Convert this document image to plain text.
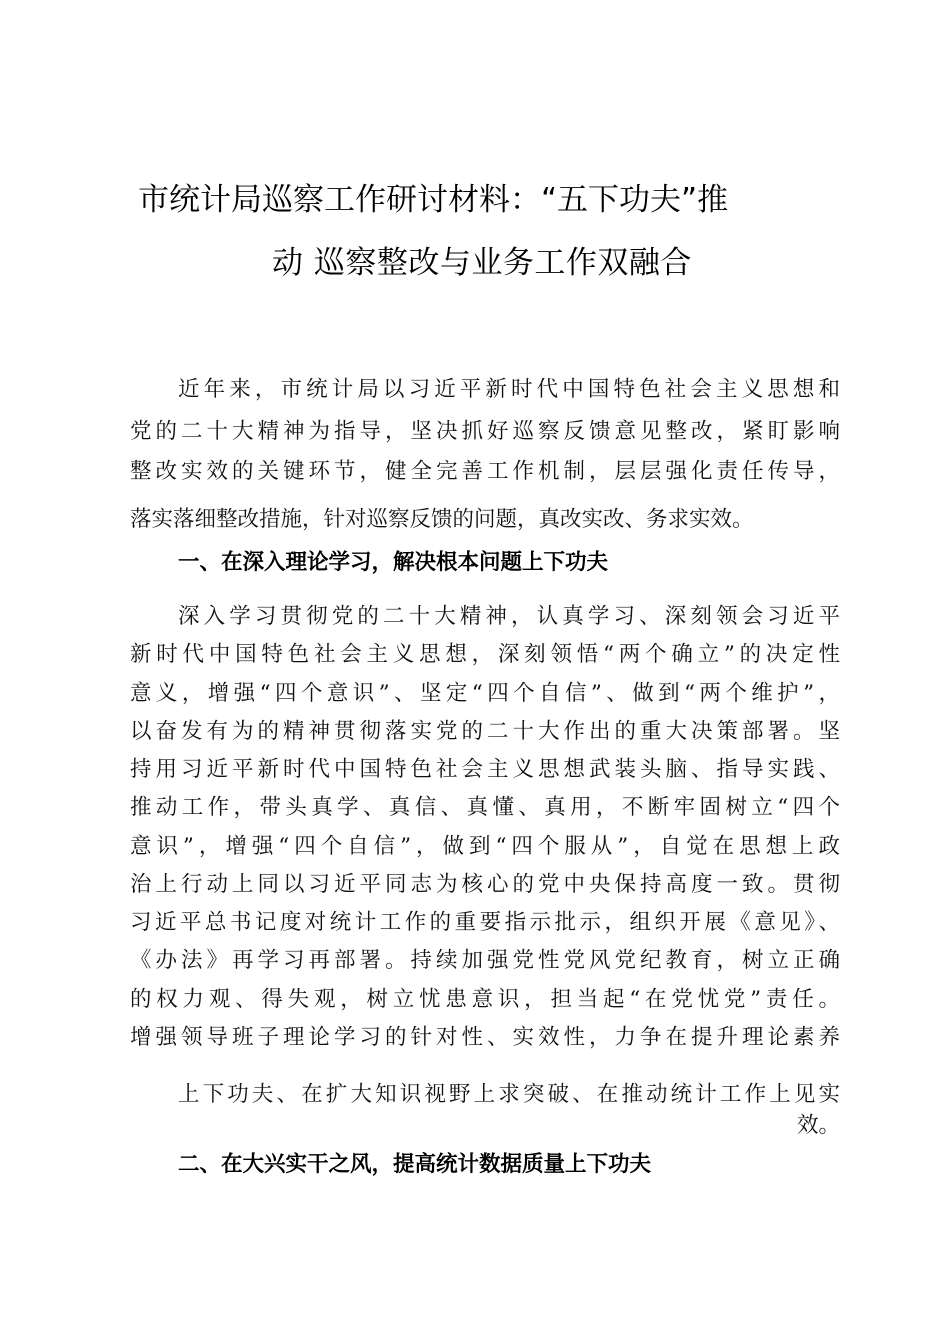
市统计局巡察工作研讨材料：“五下功夫”推
动 巡察整改与业务工作双融合
近年来，市统计局以习近平新时代中国特色社会主义思想和
党的二十大精神为指导，坚决抓好巡察反馈意见整改，紧盯影响
整改实效的关键环节，健全完善工作机制，层层强化责任传导，
落实落细整改措施，针对巡察反馈的问题，真改实改、务求实效。
一、在深入理论学习，解决根本问题上下功夫
深入学习贯彻党的二十大精神，认真学习、深刻领会习近平
新时代中国特色社会主义思想，深刻领悟“两个确立”的决定性
意义，增强“四个意识”、坚定“四个自信”、做到“两个维护”，
以奋发有为的精神贯彻落实党的二十大作出的重大决策部署。坚
持用习近平新时代中国特色社会主义思想武装头脑、指导实践、
推动工作，带头真学、真信、真懂、真用，不断牢固树立“四个
意识”，增强“四个自信”，做到“四个服从”，自觉在思想上政
治上行动上同以习近平同志为核心的党中央保持高度一致。贯彻
习近平总书记度对统计工作的重要指示批示，组织开展《意见》、
《办法》再学习再部署。持续加强党性党风党纪教育，树立正确
的权力观、得失观，树立忧患意识，担当起“在党忧党”责任。
增强领导班子理论学习的针对性、实效性，力争在提升理论素养
上下功夫、在扩大知识视野上求突破、在推动统计工作上见实
效。
二、在大兴实干之风，提高统计数据质量上下功夫
